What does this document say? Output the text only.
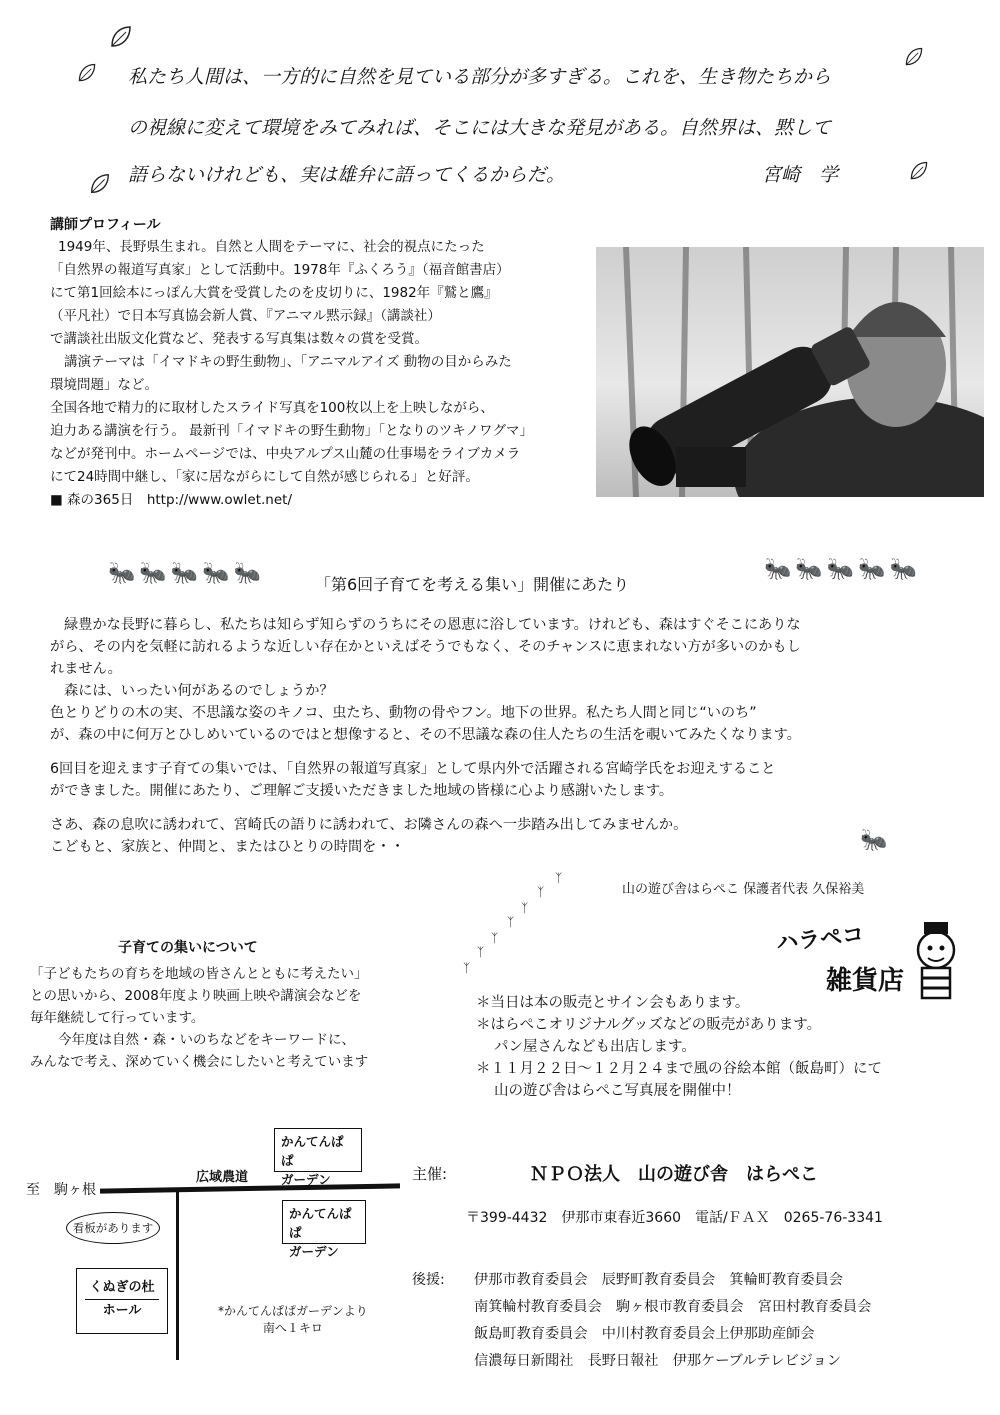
私たち人間は、一方的に自然を見ている部分が多すぎる。これを、生き物たちから
の視線に変えて環境をみてみれば、そこには大きな発見がある。自然界は、黙して
語らないけれども、実は雄弁に語ってくるからだ。	宮崎　学
講師プロフィール
1949年、長野県生まれ。自然と人間をテーマに、社会的視点にたった
「自然界の報道写真家」として活動中。1978年『ふくろう』（福音館書店）
にて第1回絵本にっぽん大賞を受賞したのを皮切りに、1982年『鷲と鷹』
（平凡社）で日本写真協会新人賞、『アニマル黙示録』（講談社）
で講談社出版文化賞など、発表する写真集は数々の賞を受賞。
講演テーマは「イマドキの野生動物」、「アニマルアイズ 動物の目からみた
環境問題」など。
全国各地で精力的に取材したスライド写真を100枚以上を上映しながら、
迫力ある講演を行う。 最新刊「イマドキの野生動物」「となりのツキノワグマ」
などが発刊中。ホームページでは、中央アルプス山麓の仕事場をライブカメラ
にて24時間中継し、「家に居ながらにして自然が感じられる」と好評。
■ 森の365日　http://www.owlet.net/
🐜🐜🐜🐜🐜	🐜🐜🐜🐜🐜
「第6回子育てを考える集い」開催にあたり
緑豊かな長野に暮らし、私たちは知らず知らずのうちにその恩恵に浴しています。けれども、森はすぐそこにありな
がら、その内を気軽に訪れるような近しい存在かといえばそうでもなく、そのチャンスに恵まれない方が多いのかもし
れません。
森には、いったい何があるのでしょうか？
色とりどりの木の実、不思議な姿のキノコ、虫たち、動物の骨やフン。地下の世界。私たち人間と同じ“いのち”
が、森の中に何万とひしめいているのではと想像すると、その不思議な森の住人たちの生活を覗いてみたくなります。
6回目を迎えます子育ての集いでは、「自然界の報道写真家」として県内外で活躍される宮崎学氏をお迎えすること
ができました。開催にあたり、ご理解ご支援いただきました地域の皆様に心より感謝いたします。
さあ、森の息吹に誘われて、宮崎氏の語りに誘われて、お隣さんの森へ一歩踏み出してみませんか。
こどもと、家族と、仲間と、またはひとりの時間を・・	🐜
山の遊び舎はらぺこ 保護者代表 久保裕美
ᛉ
ᛉ
ᛉ
ᛉ
ᛉ
ᛉ
ᛉ
子育ての集いについて
「子どもたちの育ちを地域の皆さんとともに考えたい」
との思いから、2008年度より映画上映や講演会などを
毎年継続して行っています。
今年度は自然・森・いのちなどをキーワードに、
みんなで考え、深めていく機会にしたいと考えています
ハラペコ
雑貨店
＊当日は本の販売とサイン会もあります。
＊はらぺこオリジナルグッズなどの販売があります。
パン屋さんなども出店します。
＊１１月２２日～１２月２４まで風の谷絵本館（飯島町）にて
山の遊び舎はらぺこ写真展を開催中！
至　駒ヶ根
広域農道
かんてんぱぱ
ガーデン
かんてんぱぱ
ガーデン
看板があります
くぬぎの杜
ホール	*かんてんぱぱガーデンより
南へ１キロ
主催:	ＮＰＯ法人　山の遊び舎　はらぺこ
〒399-4432　伊那市東春近3660　電話/ＦＡＸ　0265-76-3341
後援: 伊那市教育委員会　辰野町教育委員会　箕輪町教育委員会
南箕輪村教育委員会　駒ヶ根市教育委員会　宮田村教育委員会
飯島町教育委員会　中川村教育委員会上伊那助産師会
信濃毎日新聞社　長野日報社　伊那ケーブルテレビジョン
